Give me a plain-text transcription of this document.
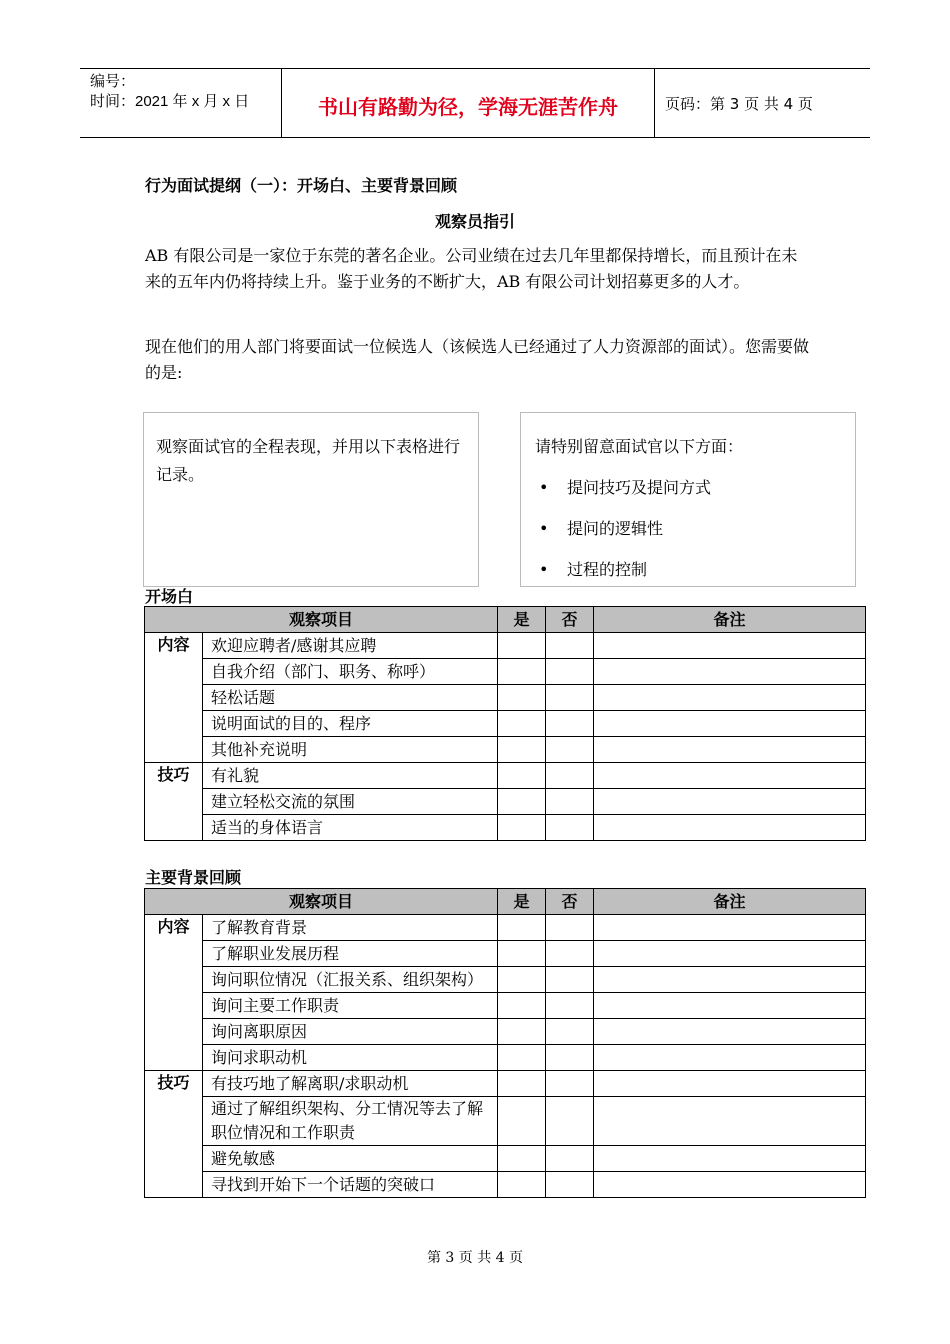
编号：
时间：2021 年 x 月 x 日	书山有路勤为径，学海无涯苦作舟	页码：第 3 页 共 4 页
行为面试提纲（一）：开场白、主要背景回顾
观察员指引
AB 有限公司是一家位于东莞的著名企业。公司业绩在过去几年里都保持增长，而且预计在未来的五年内仍将持续上升。鉴于业务的不断扩大，AB 有限公司计划招募更多的人才。
现在他们的用人部门将要面试一位候选人（该候选人已经通过了人力资源部的面试）。您需要做的是:
观察面试官的全程表现，并用以下表格进行记录。
请特别留意面试官以下方面：
• 提问技巧及提问方式
• 提问的逻辑性
• 过程的控制
开场白
观察项目		是	否	备注
内容	欢迎应聘者/感谢其应聘			
	自我介绍（部门、职务、称呼）			
	轻松话题			
	说明面试的目的、程序			
	其他补充说明			
技巧	有礼貌			
	建立轻松交流的氛围			
	适当的身体语言			
主要背景回顾
观察项目		是	否	备注
内容	了解教育背景			
	了解职业发展历程			
	询问职位情况（汇报关系、组织架构）			
	询问主要工作职责			
	询问离职原因			
	询问求职动机			
技巧	有技巧地了解离职/求职动机			
	通过了解组织架构、分工情况等去了解职位情况和工作职责			
	避免敏感			
	寻找到开始下一个话题的突破口			
第 3 页 共 4 页
